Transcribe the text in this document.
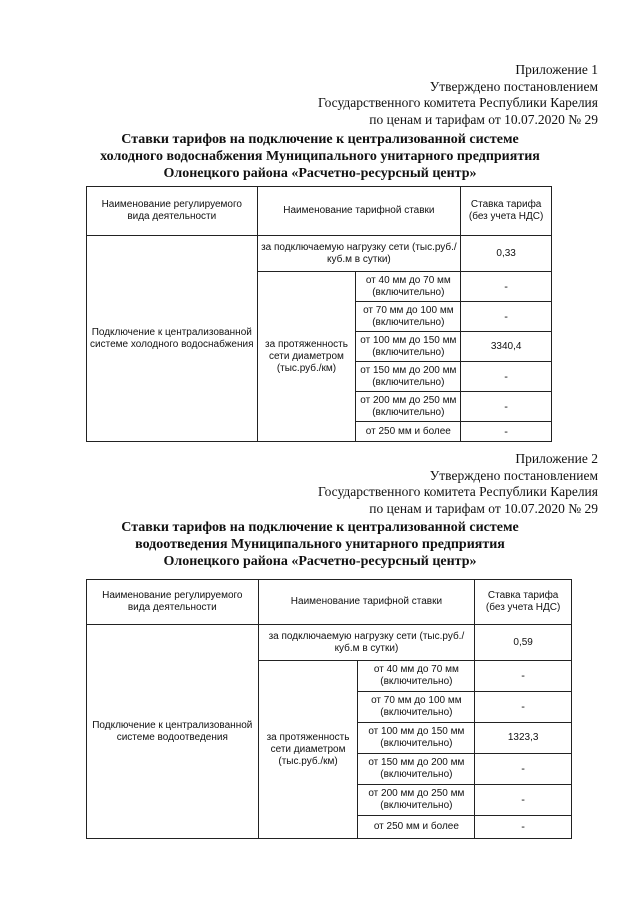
Приложение 1
Утверждено постановлением
Государственного комитета Республики Карелия
по ценам и тарифам от 10.07.2020 № 29
Ставки тарифов на подключение к централизованной системе
холодного водоснабжения Муниципального унитарного предприятия
Олонецкого района «Расчетно-ресурсный центр»
Наименование регулируемого вида деятельности	Наименование тарифной ставки		Ставка тарифа (без учета НДС)
Подключение к централизованной системе холодного водоснабжения	за подключаемую нагрузку сети (тыс.руб./куб.м в сутки)		0,33
	за протяженность сети диаметром (тыс.руб./км)	от 40 мм до 70 мм (включительно)	-
		от 70 мм до 100 мм (включительно)	-
		от 100 мм до 150 мм (включительно)	3340,4
		от 150 мм до 200 мм (включительно)	-
		от 200 мм до 250 мм (включительно)	-
		от 250 мм и более	-
Приложение 2
Утверждено постановлением
Государственного комитета Республики Карелия
по ценам и тарифам от 10.07.2020 № 29
Ставки тарифов на подключение к централизованной системе
водоотведения Муниципального унитарного предприятия
Олонецкого района «Расчетно-ресурсный центр»
Наименование регулируемого вида деятельности	Наименование тарифной ставки		Ставка тарифа (без учета НДС)
Подключение к централизованной системе водоотведения	за подключаемую нагрузку сети (тыс.руб./куб.м в сутки)		0,59
	за протяженность сети диаметром (тыс.руб./км)	от 40 мм до 70 мм (включительно)	-
		от 70 мм до 100 мм (включительно)	-
		от 100 мм до 150 мм (включительно)	1323,3
		от 150 мм до 200 мм (включительно)	-
		от 200 мм до 250 мм (включительно)	-
		от 250 мм и более	-
